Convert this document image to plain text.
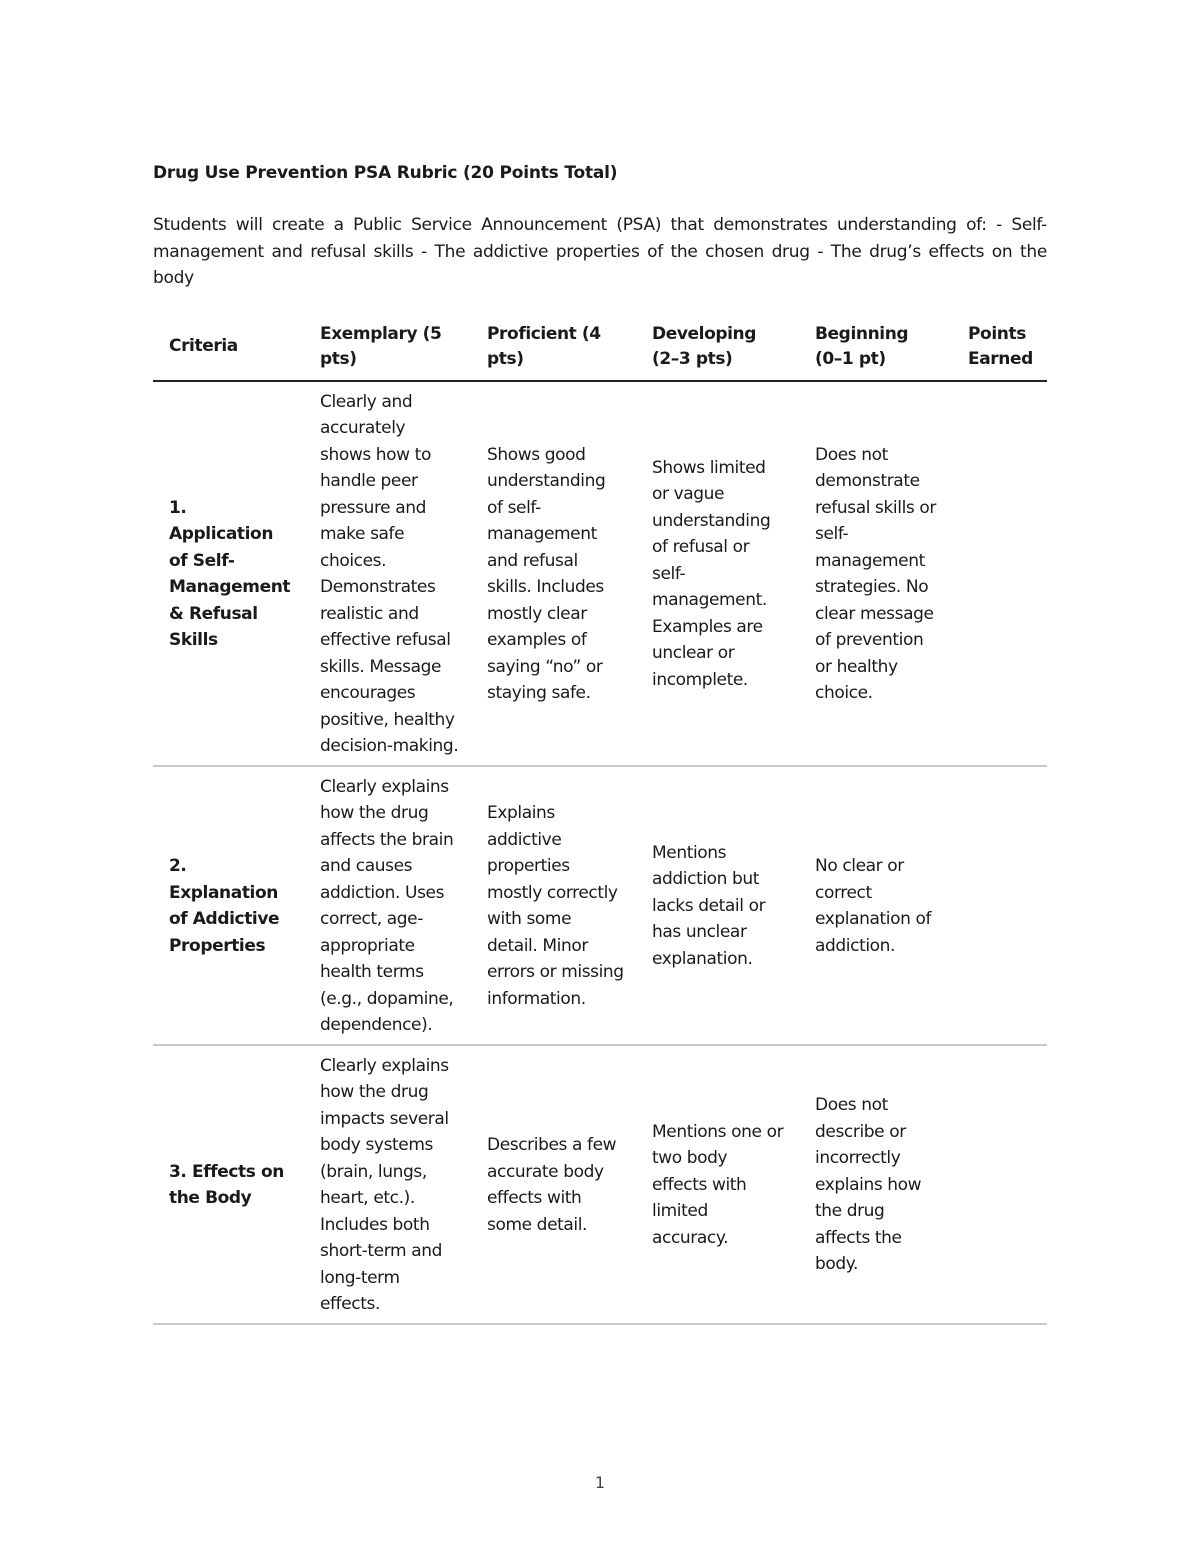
Drug Use Prevention PSA Rubric (20 Points Total)
Students will create a Public Service Announcement (PSA) that demonstrates understanding of: - Self-management and refusal skills - The addictive properties of the chosen drug - The drug’s effects on the body
Criteria	Exemplary (5 pts)	Proficient (4 pts)	Developing (2–3 pts)	Beginning (0–1 pt)	Points Earned
1. Application of Self-Management & Refusal Skills	Clearly and accurately shows how to handle peer pressure and make safe choices. Demonstrates realistic and effective refusal skills. Message encourages positive, healthy decision-making.	Shows good understanding of self-management and refusal skills. Includes mostly clear examples of saying “no” or staying safe.	Shows limited or vague understanding of refusal or self-management. Examples are unclear or incomplete.	Does not demonstrate refusal skills or self-management strategies. No clear message of prevention or healthy choice.	
2. Explanation of Addictive Properties	Clearly explains how the drug affects the brain and causes addiction. Uses correct, age-appropriate health terms (e.g., dopamine, dependence).	Explains addictive properties mostly correctly with some detail. Minor errors or missing information.	Mentions addiction but lacks detail or has unclear explanation.	No clear or correct explanation of addiction.	
3. Effects on the Body	Clearly explains how the drug impacts several body systems (brain, lungs, heart, etc.). Includes both short-term and long-term effects.	Describes a few accurate body effects with some detail.	Mentions one or two body effects with limited accuracy.	Does not describe or incorrectly explains how the drug affects the body.	
1
